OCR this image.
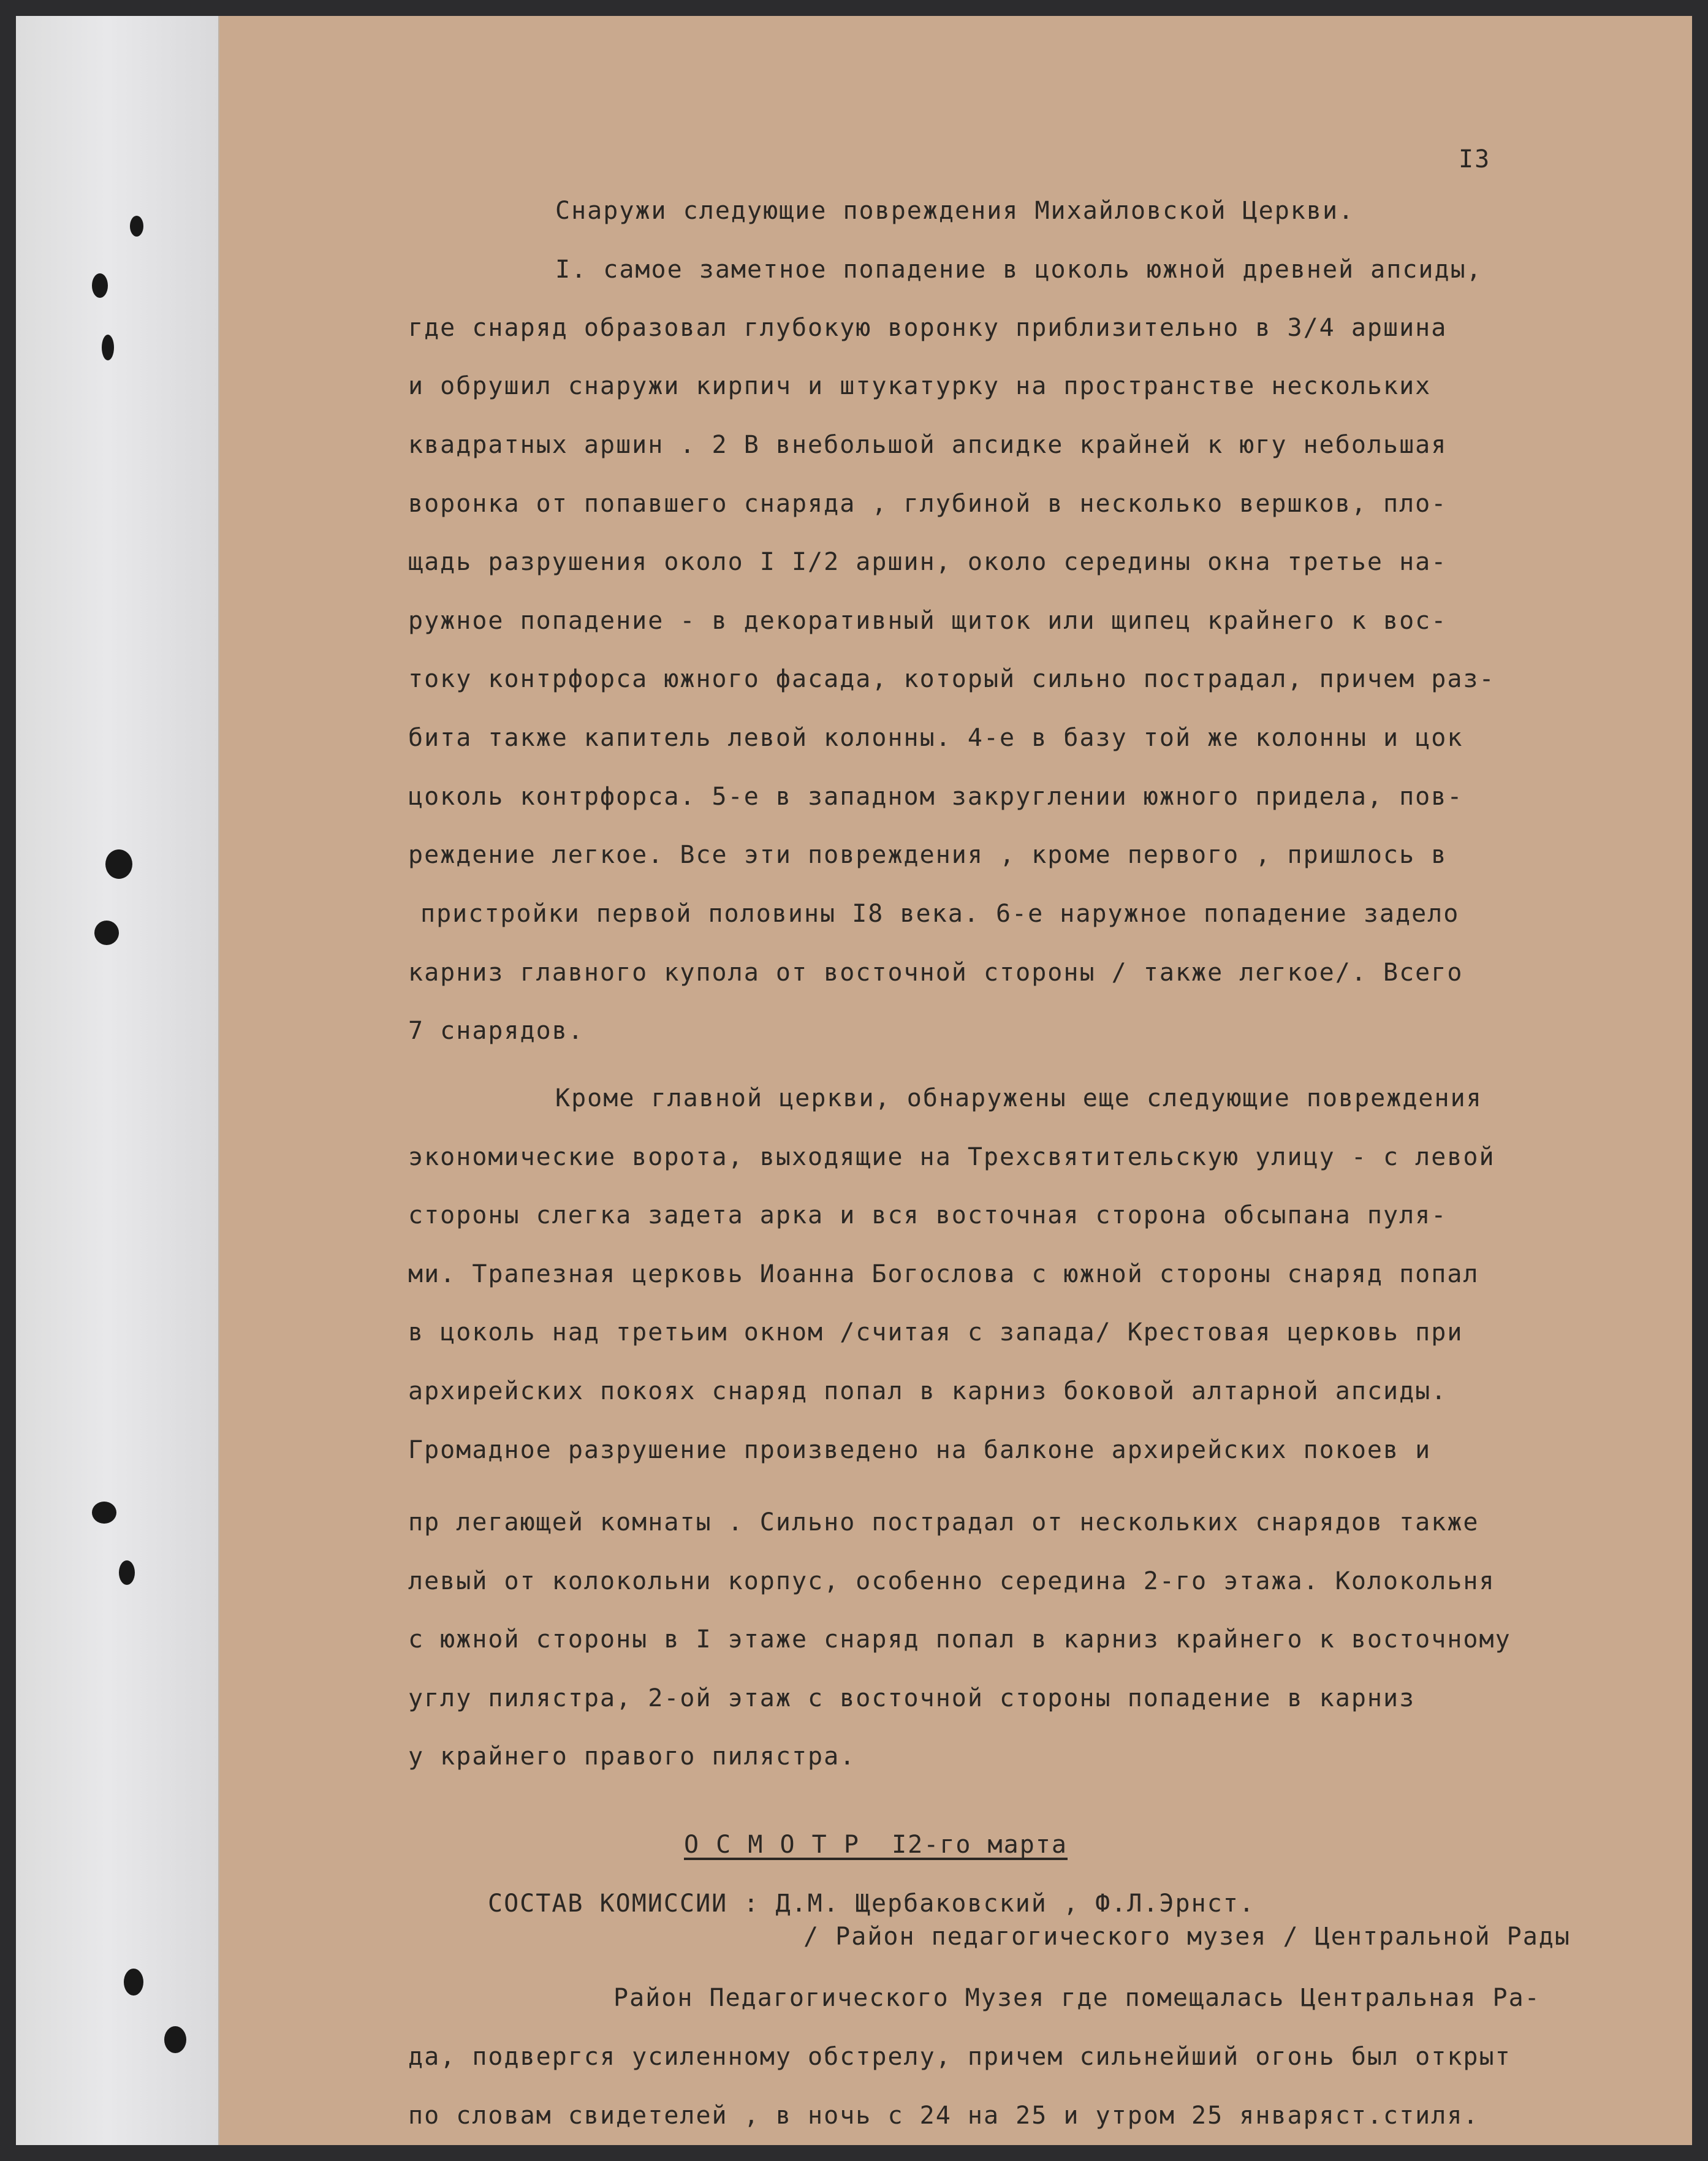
I3
Снаружи следующие повреждения Михайловской Церкви.
I. самое заметное попадение в цоколь южной древней апсиды,
где снаряд образовал глубокую воронку приблизительно в 3/4 аршина
и обрушил снаружи кирпич и штукатурку на пространстве нескольких
квадратных аршин . 2 В внебольшой апсидке крайней к югу небольшая
воронка от попавшего снаряда , глубиной в несколько вершков, пло-
щадь разрушения около I I/2 аршин, около середины окна третье на-
ружное попадение - в декоративный щиток или щипец крайнего к вос-
току контрфорса южного фасада, который сильно пострадал, причем раз-
бита также капитель левой колонны. 4-е в базу той же колонны и цок
цоколь контрфорса. 5-е в западном закруглении южного придела, пов-
реждение легкое. Все эти повреждения , кроме первого , пришлось в
пристройки первой половины I8 века. 6-е наружное попадение задело
карниз главного купола от восточной стороны / также легкое/. Всего
7 снарядов.
Кроме главной церкви, обнаружены еще следующие повреждения
экономические ворота, выходящие на Трехсвятительскую улицу - с левой
стороны слегка задета арка и вся восточная сторона обсыпана пуля-
ми. Трапезная церковь Иоанна Богослова с южной стороны снаряд попал
в цоколь над третьим окном /считая с запада/ Крестовая церковь при
архирейских покоях снаряд попал в карниз боковой алтарной апсиды.
Громадное разрушение произведено на балконе архирейских покоев и
пр легающей комнаты . Сильно пострадал от нескольких снарядов также
левый от колокольни корпус, особенно середина 2-го этажа. Колокольня
с южной стороны в I этаже снаряд попал в карниз крайнего к восточному
углу пилястра, 2-ой этаж с восточной стороны попадение в карниз
у крайнего правого пилястра.
О С М О Т Р  I2-го марта
СОСТАВ КОМИССИИ : Д.М. Щербаковский , Ф.Л.Эрнст.
/ Район педагогического музея / Центральной Рады
Район Педагогического Музея где помещалась Центральная Ра-
да, подвергся усиленному обстрелу, причем сильнейший огонь был открыт
по словам свидетелей , в ночь с 24 на 25 и утром 25 январяст.стиля.
